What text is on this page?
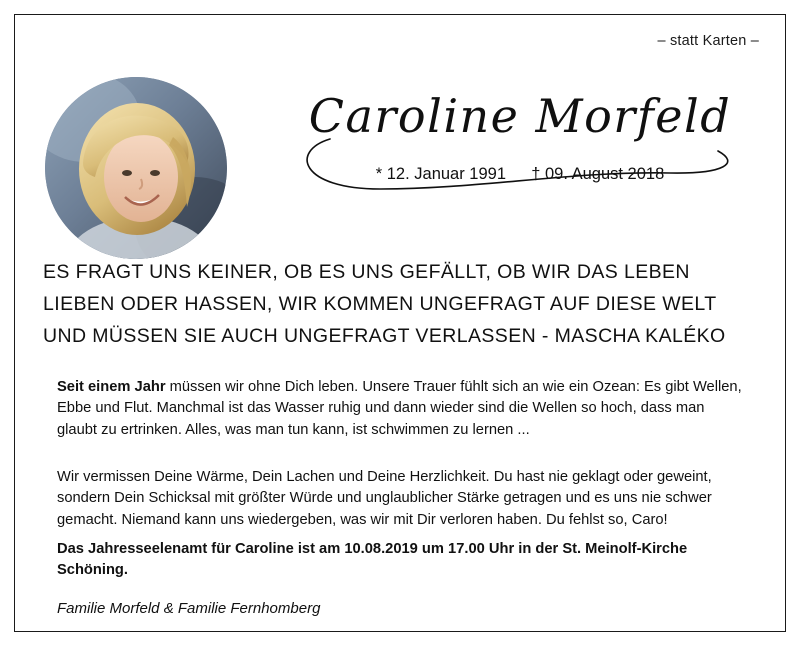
– statt Karten –
Caroline Morfeld
* 12. Januar 1991 † 09. August 2018
ES FRAGT UNS KEINER, OB ES UNS GEFÄLLT, OB WIR DAS LEBEN LIEBEN ODER HASSEN, WIR KOMMEN UNGEFRAGT AUF DIESE WELT UND MÜSSEN SIE AUCH UNGEFRAGT VERLASSEN - MASCHA KALÉKO
Seit einem Jahr müssen wir ohne Dich leben. Unsere Trauer fühlt sich an wie ein Ozean: Es gibt Wellen, Ebbe und Flut. Manchmal ist das Wasser ruhig und dann wieder sind die Wellen so hoch, dass man glaubt zu ertrinken. Alles, was man tun kann, ist schwimmen zu lernen ...
Wir vermissen Deine Wärme, Dein Lachen und Deine Herzlichkeit. Du hast nie geklagt oder geweint, sondern Dein Schicksal mit größter Würde und unglaublicher Stärke getragen und es uns nie schwer gemacht. Niemand kann uns wiedergeben, was wir mit Dir verloren haben. Du fehlst so, Caro!
Das Jahresseelenamt für Caroline ist am 10.08.2019 um 17.00 Uhr in der St. Meinolf-Kirche Schöning.
Familie Morfeld & Familie Fernhomberg
